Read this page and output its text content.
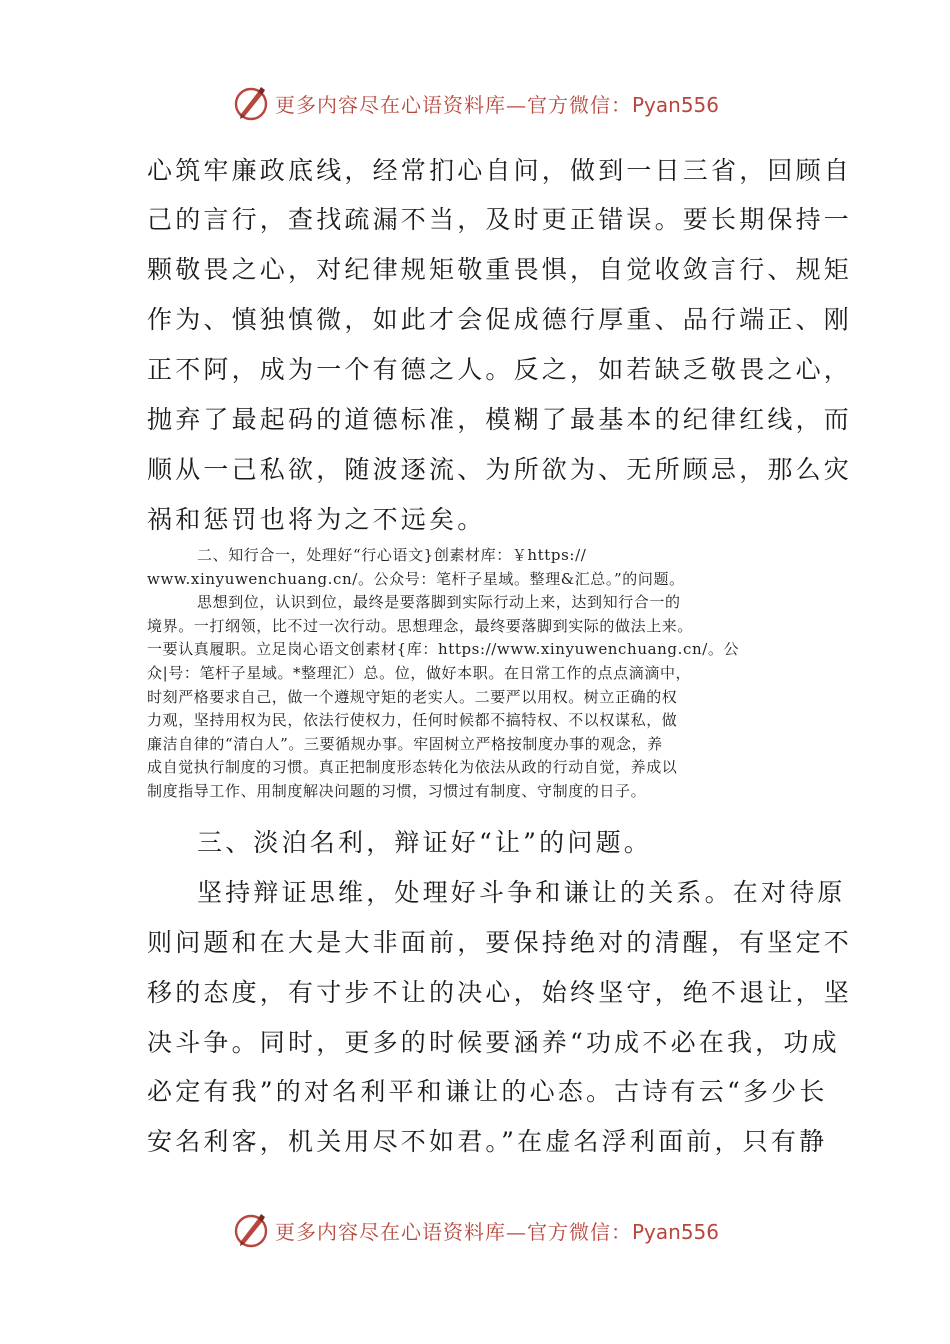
更多内容尽在心语资料库—官方微信：Pyan556

心筑牢廉政底线，经常扪心自问，做到一日三省，回顾自

己的言行，查找疏漏不当，及时更正错误。要长期保持一

颗敬畏之心，对纪律规矩敬重畏惧，自觉收敛言行、规矩

作为、慎独慎微，如此才会促成德行厚重、品行端正、刚

正不阿，成为一个有德之人。反之，如若缺乏敬畏之心，

抛弃了最起码的道德标准，模糊了最基本的纪律红线，而

顺从一己私欲，随波逐流、为所欲为、无所顾忌，那么灾

祸和惩罚也将为之不远矣。

二、知行合一，处理好“行心语文}创素材库：￥https://

www.xinyuwenchuang.cn/。公众号：笔杆子星域。整理&汇总。”的问题。

思想到位，认识到位，最终是要落脚到实际行动上来，达到知行合一的

境界。一打纲领，比不过一次行动。思想理念，最终要落脚到实际的做法上来。

一要认真履职。立足岗心语文创素材{库：https://www.xinyuwenchuang.cn/。公

众|号：笔杆子星域。*整理汇）总。位，做好本职。在日常工作的点点滴滴中，

时刻严格要求自己，做一个遵规守矩的老实人。二要严以用权。树立正确的权

力观，坚持用权为民，依法行使权力，任何时候都不搞特权、不以权谋私，做

廉洁自律的“清白人”。三要循规办事。牢固树立严格按制度办事的观念，养

成自觉执行制度的习惯。真正把制度形态转化为依法从政的行动自觉，养成以

制度指导工作、用制度解决问题的习惯，习惯过有制度、守制度的日子。

三、淡泊名利，辩证好“让”的问题。

坚持辩证思维，处理好斗争和谦让的关系。在对待原

则问题和在大是大非面前，要保持绝对的清醒，有坚定不

移的态度，有寸步不让的决心，始终坚守，绝不退让，坚

决斗争。同时，更多的时候要涵养“功成不必在我，功成

必定有我”的对名利平和谦让的心态。古诗有云“多少长

安名利客，机关用尽不如君。”在虚名浮利面前，只有静

更多内容尽在心语资料库—官方微信：Pyan556
